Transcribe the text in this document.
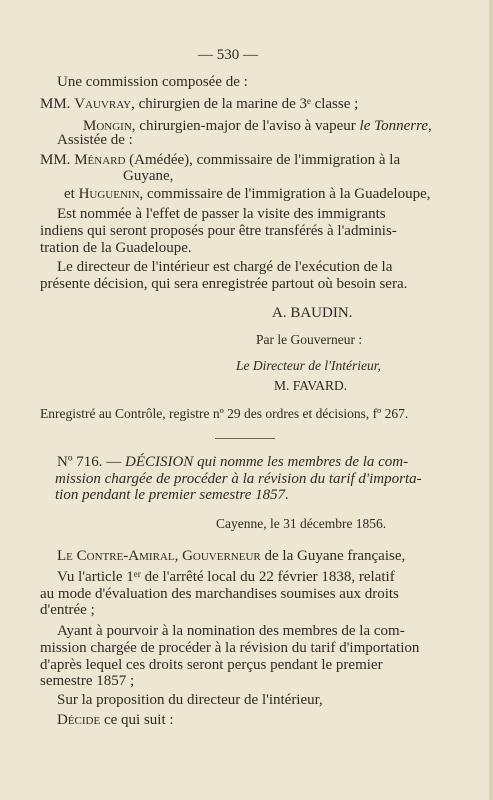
— 530 —
Une commission composée de :
MM. Vauvray, chirurgien de la marine de 3ᵉ classe ;
Mongin, chirurgien-major de l'aviso à vapeur le Tonnerre,
Assistée de :
MM. Ménard (Amédée), commissaire de l'immigration à la
Guyane,
et Huguenin, commissaire de l'immigration à la Guadeloupe,
Est nommée à l'effet de passer la visite des immigrants
indiens qui seront proposés pour être transférés à l'adminis-
tration de la Guadeloupe.
Le directeur de l'intérieur est chargé de l'exécution de la
présente décision, qui sera enregistrée partout où besoin sera.
A. BAUDIN.
Par le Gouverneur :
Le Directeur de l'Intérieur,
M. FAVARD.
Enregistré au Contrôle, registre nº 29 des ordres et décisions, fº 267.
Nº 716. — DÉCISION qui nomme les membres de la com-
mission chargée de procéder à la révision du tarif d'importa-
tion pendant le premier semestre 1857.
Cayenne, le 31 décembre 1856.
Le Contre-Amiral, Gouverneur de la Guyane française,
Vu l'article 1ᵉʳ de l'arrêté local du 22 février 1838, relatif
au mode d'évaluation des marchandises soumises aux droits
d'entrée ;
Ayant à pourvoir à la nomination des membres de la com-
mission chargée de procéder à la révision du tarif d'importation
d'après lequel ces droits seront perçus pendant le premier
semestre 1857 ;
Sur la proposition du directeur de l'intérieur,
Décide ce qui suit :
